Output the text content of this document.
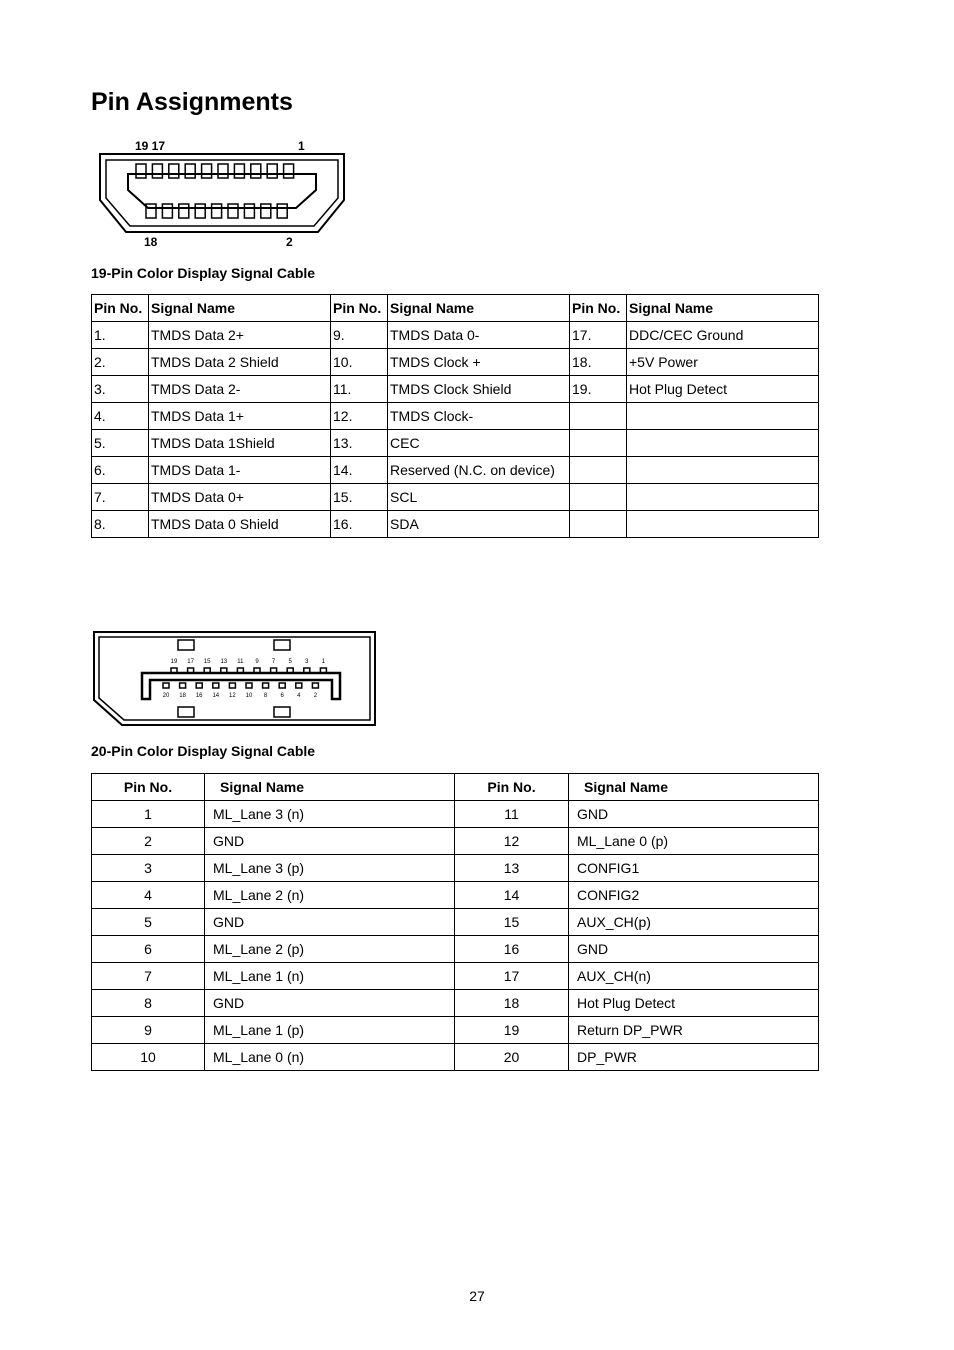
Pin Assignments
19 17	1
18	2
19-Pin Color Display Signal Cable
Pin No.	Signal Name	Pin No.	Signal Name	Pin No.	Signal Name
1.	TMDS Data 2+	9.	TMDS Data 0-	17.	DDC/CEC Ground
2.	TMDS Data 2 Shield	10.	TMDS Clock +	18.	+5V Power
3.	TMDS Data 2-	11.	TMDS Clock Shield	19.	Hot Plug Detect
4.	TMDS Data 1+	12.	TMDS Clock-		
5.	TMDS Data 1Shield	13.	CEC		
6.	TMDS Data 1-	14.	Reserved (N.C. on device)		
7.	TMDS Data 0+	15.	SCL		
8.	TMDS Data 0 Shield	16.	SDA		
19 17 15 13 11 9 7 5 3 1
20 18 16 14 12 10 8 6 4 2
20-Pin Color Display Signal Cable
Pin No.	Signal Name	Pin No.	Signal Name
1	ML_Lane 3 (n)	11	GND
2	GND	12	ML_Lane 0 (p)
3	ML_Lane 3 (p)	13	CONFIG1
4	ML_Lane 2 (n)	14	CONFIG2
5	GND	15	AUX_CH(p)
6	ML_Lane 2 (p)	16	GND
7	ML_Lane 1 (n)	17	AUX_CH(n)
8	GND	18	Hot Plug Detect
9	ML_Lane 1 (p)	19	Return DP_PWR
10	ML_Lane 0 (n)	20	DP_PWR
27
